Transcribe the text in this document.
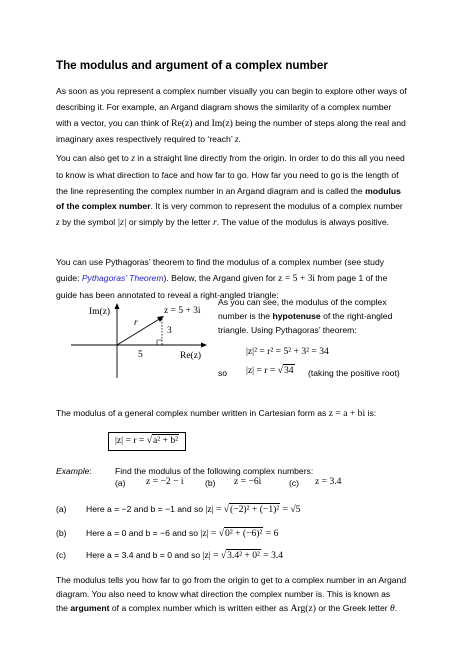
The modulus and argument of a complex number
As soon as you represent a complex number visually you can begin to explore other ways of
describing it. For example, an Argand diagram shows the similarity of a complex number
with a vector, you can think of Re(z) and Im(z) being the number of steps along the real and
imaginary axes respectively required to ‘reach’ z.
You can also get to z in a straight line directly from the origin. In order to do this all you need
to know is what direction to face and how far to go. How far you need to go is the length of
the line representing the complex number in an Argand diagram and is called the modulus
of the complex number. It is very common to represent the modulus of a complex number
z by the symbol |z| or simply by the letter r. The value of the modulus is always positive.
You can use Pythagoras’ theorem to find the modulus of a complex number (see study
guide: Pythagoras’ Theorem). Below, the Argand given for z = 5 + 3i from page 1 of the
guide has been annotated to reveal a right-angled triangle:
Im(z)
Re(z)
z = 5 + 3i
r
3
5
As you can see, the modulus of the complex
number is the hypotenuse of the right-angled
triangle. Using Pythagoras’ theorem:
|z|² = r² = 5² + 3² = 34
so |z| = r = √34 (taking the positive root)
The modulus of a general complex number written in Cartesian form as z = a + bi is:
|z| = r = √a² + b²
Example:	Find the modulus of the following complex numbers:
(a) z = −2 − i (b) z = −6i	(c) z = 3.4
(a) Here a = −2 and b = −1 and so |z| = √(−2)² + (−1)² = √5
(b) Here a = 0 and b = −6 and so |z| = √0² + (−6)² = 6
(c) Here a = 3.4 and b = 0 and so |z| = √3.4² + 0² = 3.4
The modulus tells you how far to go from the origin to get to a complex number in an Argand
diagram. You also need to know what direction the complex number is. This is known as
the argument of a complex number which is written either as Arg(z) or the Greek letter θ.
